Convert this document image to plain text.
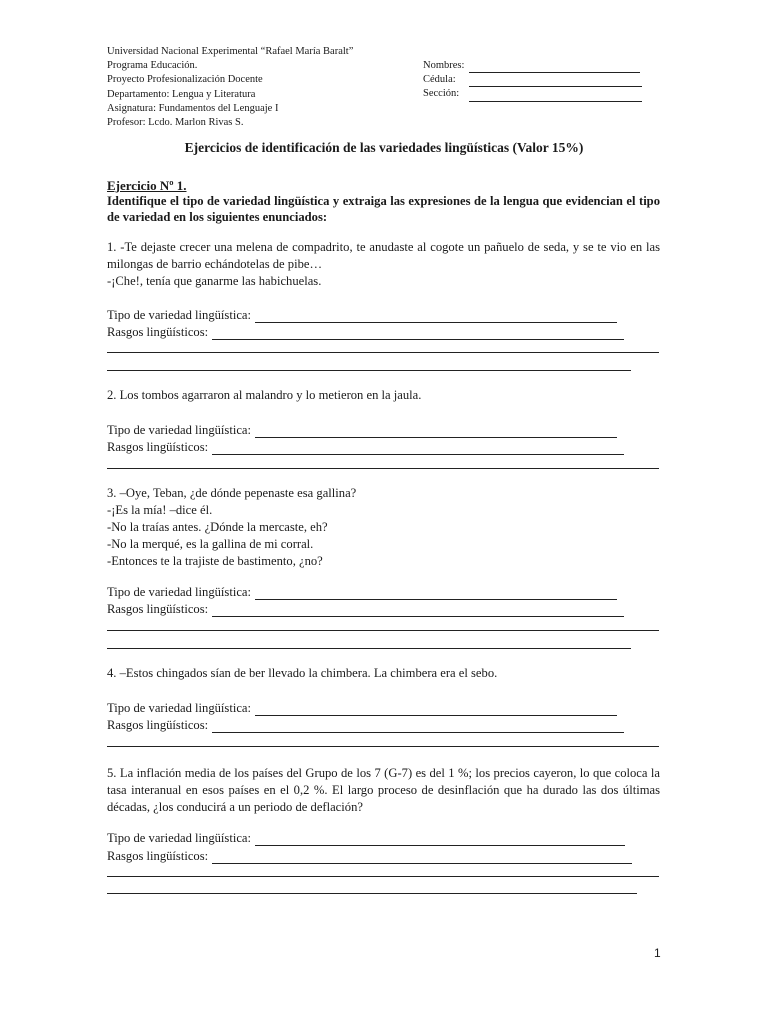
Universidad Nacional Experimental “Rafael María Baralt”
Programa Educación.
Proyecto Profesionalización Docente
Departamento: Lengua y Literatura
Asignatura: Fundamentos del Lenguaje I
Profesor: Lcdo. Marlon Rivas S.
Nombres:
Cédula:
Sección:
Ejercicios de identificación de las variedades lingüísticas (Valor 15%)
Ejercicio Nº 1.
Identifique el tipo de variedad lingüística y extraiga las expresiones de la lengua que evidencian el tipo de variedad en los siguientes enunciados:
1. -Te dejaste crecer una melena de compadrito, te anudaste al cogote un pañuelo de seda, y se te vio en las milongas de barrio echándotelas de pibe…
-¡Che!, tenía que ganarme las habichuelas.
Tipo de variedad lingüística:
Rasgos lingüísticos:
2. Los tombos agarraron al malandro y lo metieron en la jaula.
Tipo de variedad lingüística:
Rasgos lingüísticos:
3. –Oye, Teban, ¿de dónde pepenaste esa gallina?
-¡Es la mía! –dice él.
-No la traías antes. ¿Dónde la mercaste, eh?
-No la merqué, es la gallina de mi corral.
-Entonces te la trajiste de bastimento, ¿no?
Tipo de variedad lingüística:
Rasgos lingüísticos:
4. –Estos chingados sían de ber llevado la chimbera. La chimbera era el sebo.
Tipo de variedad lingüística:
Rasgos lingüísticos:
5. La inflación media de los países del Grupo de los 7 (G-7) es del 1 %; los precios cayeron, lo que coloca la tasa interanual en esos países en el 0,2 %. El largo proceso de desinflación que ha durado las dos últimas décadas, ¿los conducirá a un periodo de deflación?
Tipo de variedad lingüística:
Rasgos lingüísticos:
1
